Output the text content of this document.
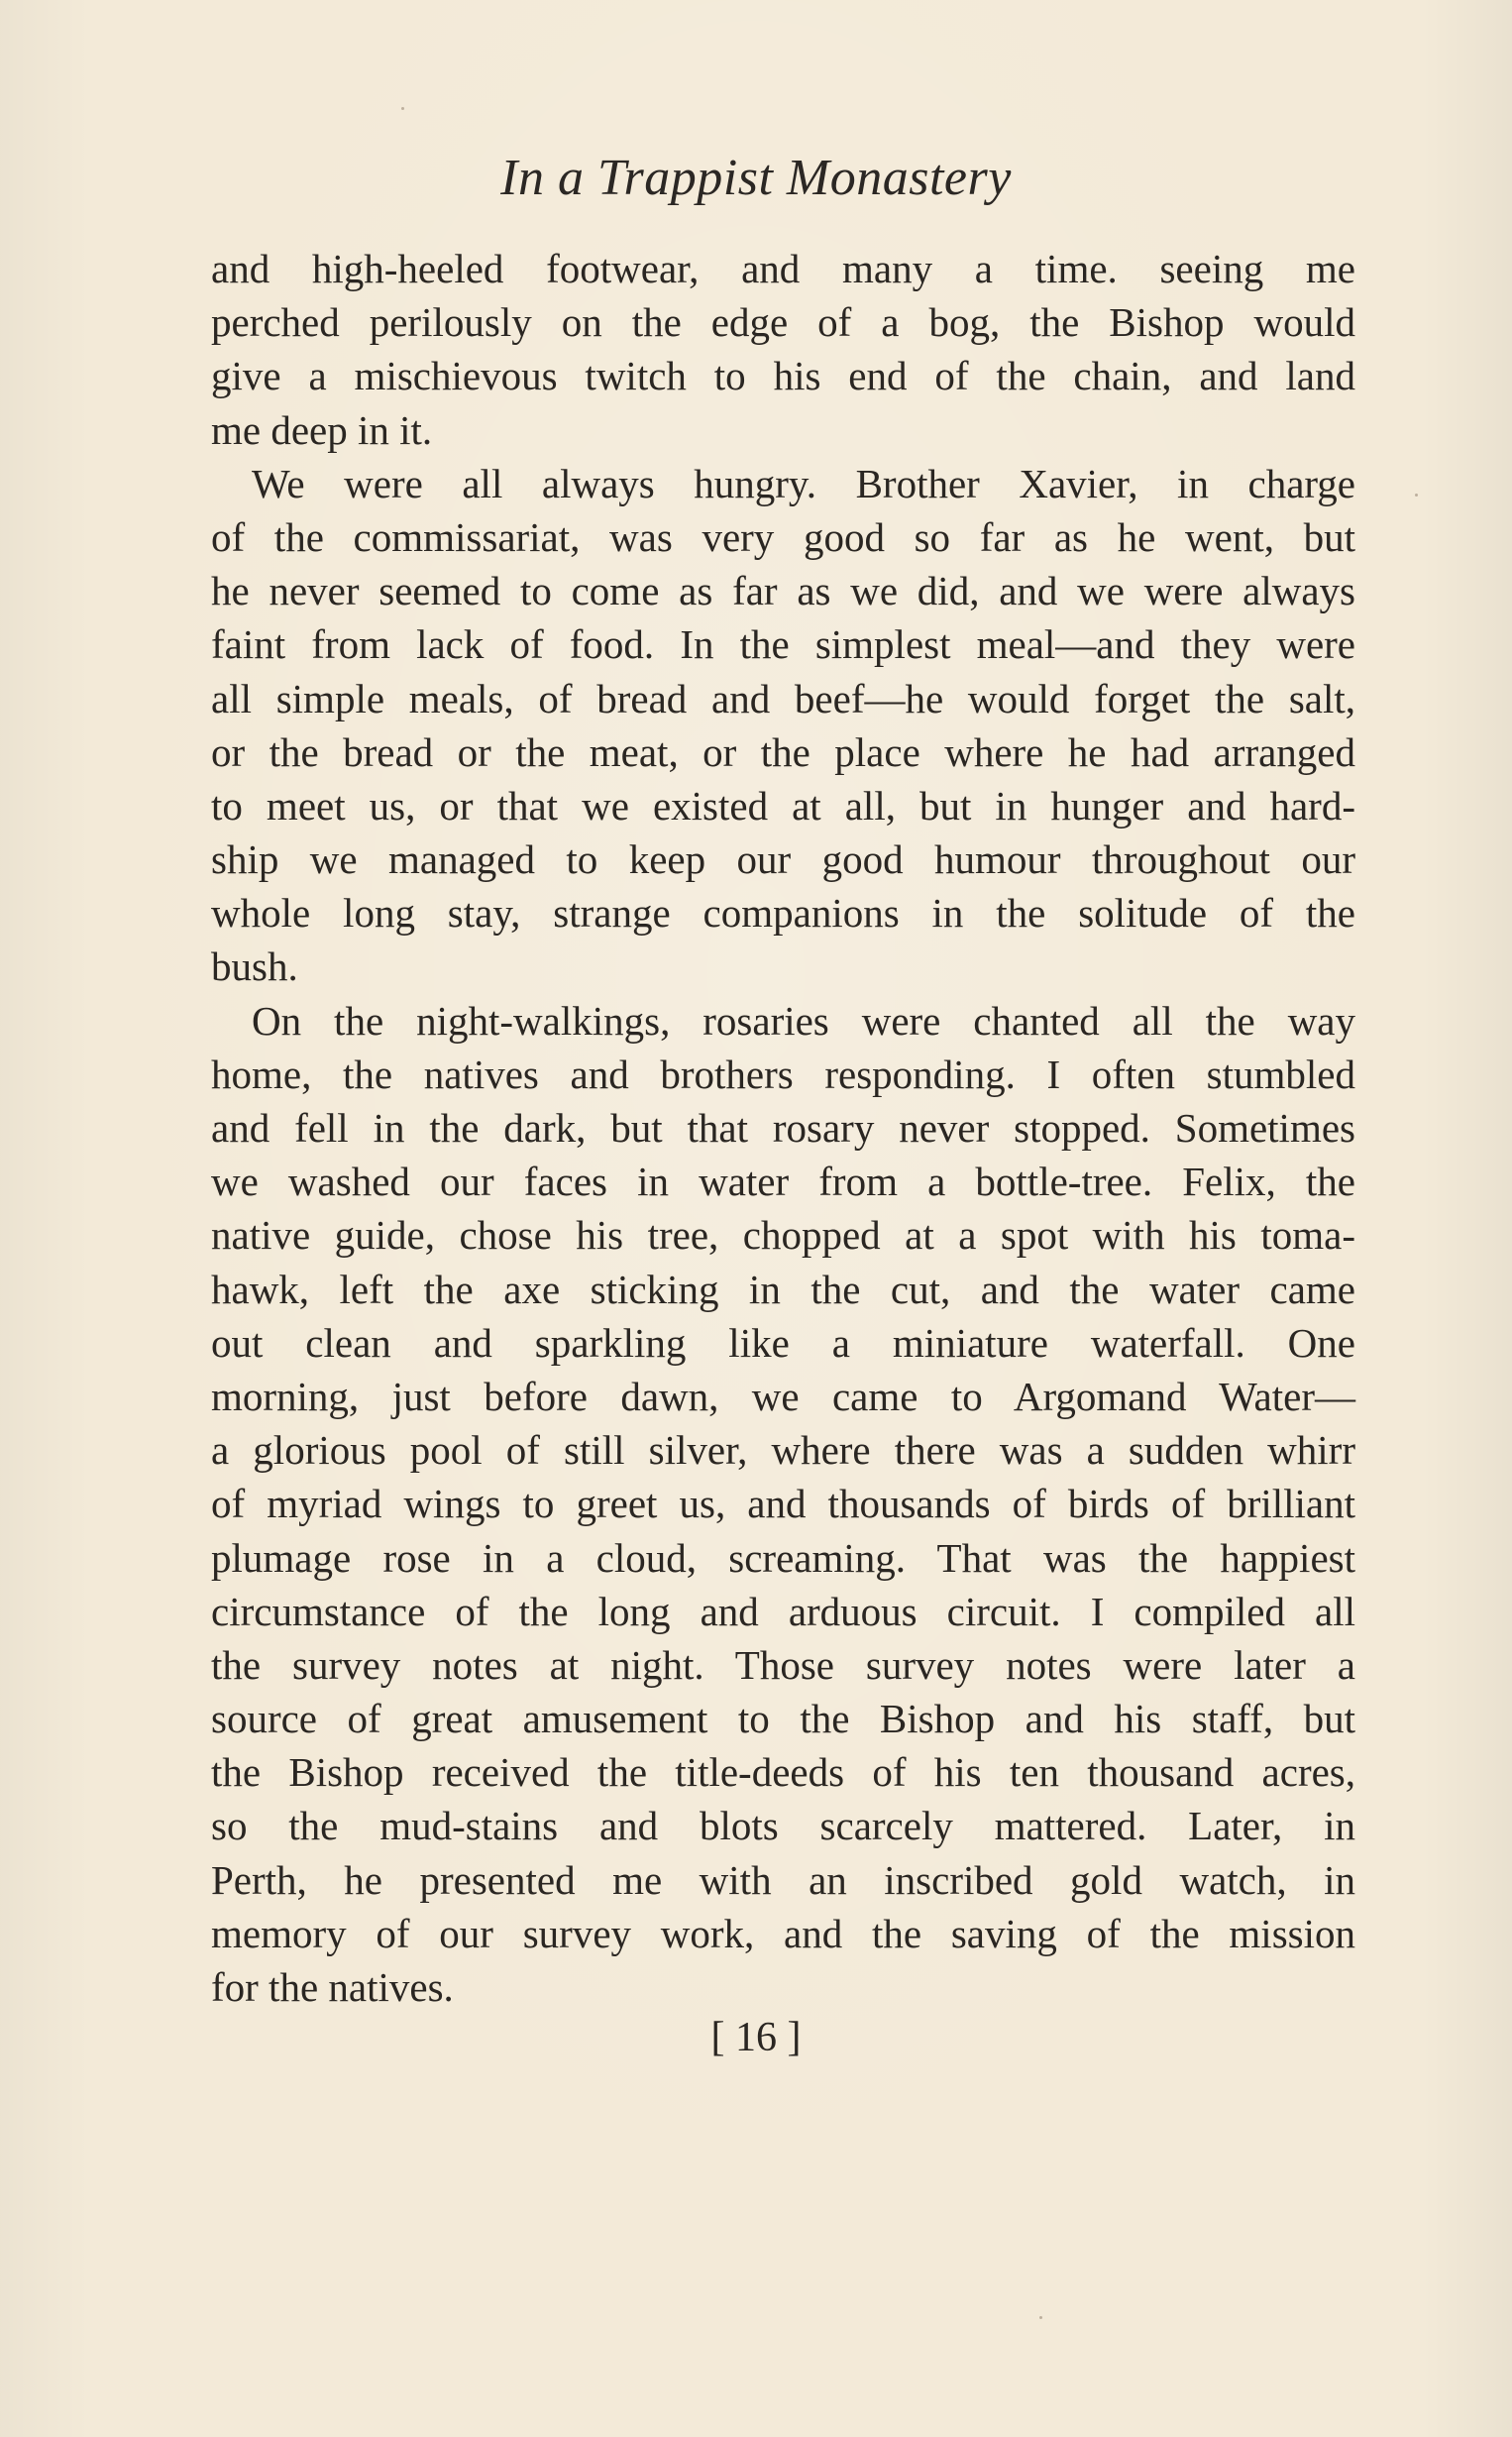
In a Trappist Monastery
and high-heeled footwear, and many a time. seeing me
perched perilously on the edge of a bog, the Bishop would
give a mischievous twitch to his end of the chain, and land
me deep in it.
We were all always hungry. Brother Xavier, in charge
of the commissariat, was very good so far as he went, but
he never seemed to come as far as we did, and we were always
faint from lack of food. In the simplest meal—and they were
all simple meals, of bread and beef—he would forget the salt,
or the bread or the meat, or the place where he had arranged
to meet us, or that we existed at all, but in hunger and hard-
ship we managed to keep our good humour throughout our
whole long stay, strange companions in the solitude of the
bush.
On the night-walkings, rosaries were chanted all the way
home, the natives and brothers responding. I often stumbled
and fell in the dark, but that rosary never stopped. Sometimes
we washed our faces in water from a bottle-tree. Felix, the
native guide, chose his tree, chopped at a spot with his toma-
hawk, left the axe sticking in the cut, and the water came
out clean and sparkling like a miniature waterfall. One
morning, just before dawn, we came to Argomand Water—
a glorious pool of still silver, where there was a sudden whirr
of myriad wings to greet us, and thousands of birds of brilliant
plumage rose in a cloud, screaming. That was the happiest
circumstance of the long and arduous circuit. I compiled all
the survey notes at night. Those survey notes were later a
source of great amusement to the Bishop and his staff, but
the Bishop received the title-deeds of his ten thousand acres,
so the mud-stains and blots scarcely mattered. Later, in
Perth, he presented me with an inscribed gold watch, in
memory of our survey work, and the saving of the mission
for the natives.
[ 16 ]
